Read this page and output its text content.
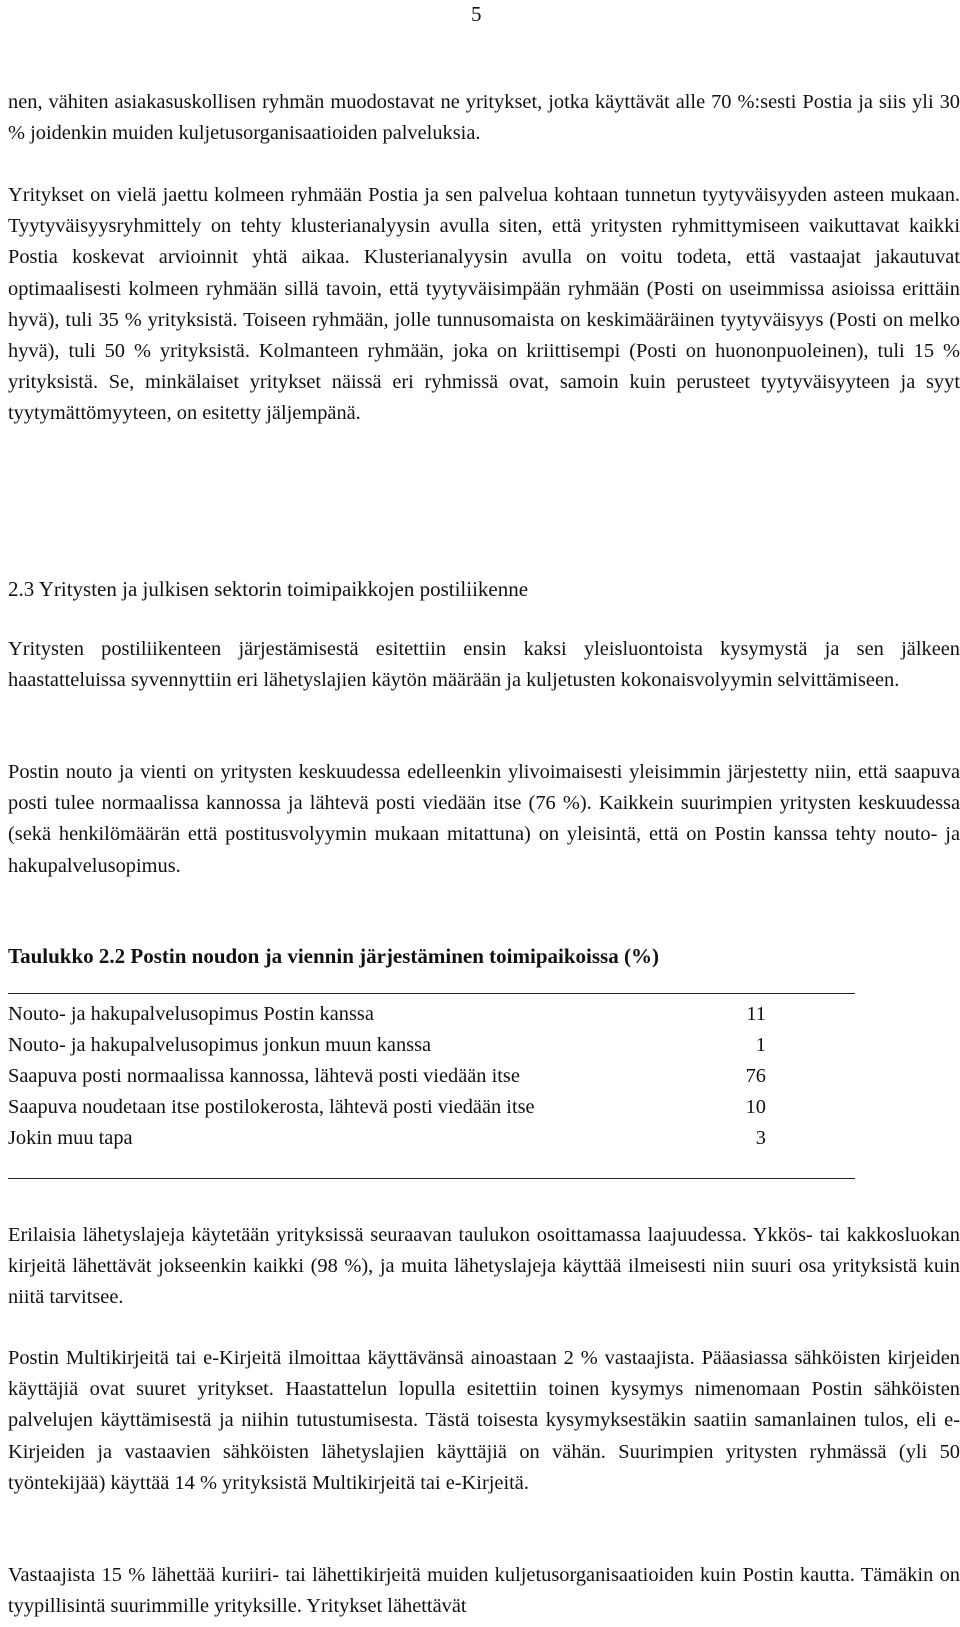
5

nen, vähiten asiakasuskollisen ryhmän muodostavat ne yritykset, jotka käyttävät alle 70 %:sesti Postia ja siis yli 30 % joidenkin muiden kuljetusorganisaatioiden palveluksia.

Yritykset on vielä jaettu kolmeen ryhmään Postia ja sen palvelua kohtaan tunnetun tyytyväisyyden asteen mukaan. Tyytyväisyysryhmittely on tehty klusterianalyysin avulla siten, että yritysten ryhmittymiseen vaikuttavat kaikki Postia koskevat arvioinnit yhtä aikaa. Klusterianalyysin avulla on voitu todeta, että vastaajat jakautuvat optimaalisesti kolmeen ryhmään sillä tavoin, että tyytyväisimpään ryhmään (Posti on useimmissa asioissa erittäin hyvä), tuli 35 % yrityksistä. Toiseen ryhmään, jolle tunnusomaista on keskimääräinen tyytyväisyys (Posti on melko hyvä), tuli 50 % yrityksistä. Kolmanteen ryhmään, joka on kriittisempi (Posti on huononpuoleinen), tuli 15 % yrityksistä. Se, minkälaiset yritykset näissä eri ryhmissä ovat, samoin kuin perusteet tyytyväisyyteen ja syyt tyytymättömyyteen, on esitetty jäljempänä.

2.3 Yritysten ja julkisen sektorin toimipaikkojen postiliikenne

Yritysten postiliikenteen järjestämisestä esitettiin ensin kaksi yleisluontoista kysymystä ja sen jälkeen haastatteluissa syvennyttiin eri lähetyslajien käytön määrään ja kuljetusten kokonaisvolyymin selvittämiseen.

Postin nouto ja vienti on yritysten keskuudessa edelleenkin ylivoimaisesti yleisimmin järjestetty niin, että saapuva posti tulee normaalissa kannossa ja lähtevä posti viedään itse (76 %). Kaikkein suurimpien yritysten keskuudessa (sekä henkilömäärän että postitusvolyymin mukaan mitattuna) on yleisintä, että on Postin kanssa tehty nouto- ja hakupalvelusopimus.

Taulukko 2.2 Postin noudon ja viennin järjestäminen toimipaikoissa (%)
Nouto- ja hakupalvelusopimus Postin kanssa	11
Nouto- ja hakupalvelusopimus jonkun muun kanssa	1
Saapuva posti normaalissa kannossa, lähtevä posti viedään itse	76
Saapuva noudetaan itse postilokerosta, lähtevä posti viedään itse	10
Jokin muu tapa	3

Erilaisia lähetyslajeja käytetään yrityksissä seuraavan taulukon osoittamassa laajuudessa. Ykkös- tai kakkosluokan kirjeitä lähettävät jokseenkin kaikki (98 %), ja muita lähetyslajeja käyttää ilmeisesti niin suuri osa yrityksistä kuin niitä tarvitsee.

Postin Multikirjeitä tai e-Kirjeitä ilmoittaa käyttävänsä ainoastaan 2 % vastaajista. Pääasiassa sähköisten kirjeiden käyttäjiä ovat suuret yritykset. Haastattelun lopulla esitettiin toinen kysymys nimenomaan Postin sähköisten palvelujen käyttämisestä ja niihin tutustumisesta. Tästä toisesta kysymyksestäkin saatiin samanlainen tulos, eli e-Kirjeiden ja vastaavien sähköisten lähetyslajien käyttäjiä on vähän. Suurimpien yritysten ryhmässä (yli 50 työntekijää) käyttää 14 % yrityksistä Multikirjeitä tai e-Kirjeitä.

Vastaajista 15 % lähettää kuriiri- tai lähettikirjeitä muiden kuljetusorganisaatioiden kuin Postin kautta. Tämäkin on tyypillisintä suurimmille yrityksille. Yritykset lähettävät
